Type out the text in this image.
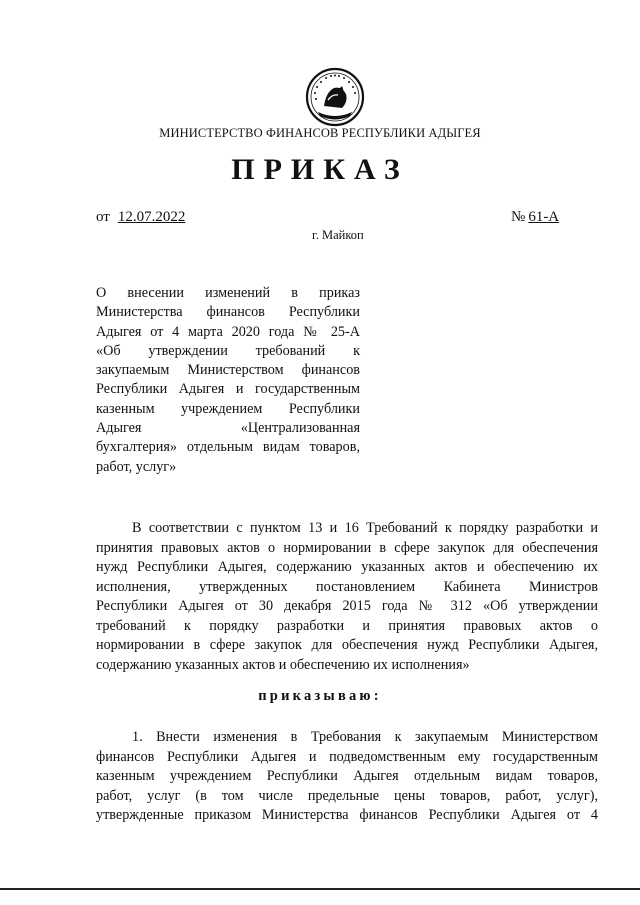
МИНИСТЕРСТВО ФИНАНСОВ РЕСПУБЛИКИ АДЫГЕЯ
ПРИКАЗ
от 12.07.2022	№ 61-А
г. Майкоп

О внесении изменений в приказ
Министерства финансов Республики
Адыгея от 4 марта 2020 года № 25-А
«Об утверждении требований к
закупаемым Министерством финансов
Республики Адыгея и государственным
казенным учреждением Республики
Адыгея «Централизованная
бухгалтерия» отдельным видам товаров,
работ, услуг»

В соответствии с пунктом 13 и 16 Требований к порядку разработки и
принятия правовых актов о нормировании в сфере закупок для обеспечения
нужд Республики Адыгея, содержанию указанных актов и обеспечению их
исполнения, утвержденных постановлением Кабинета Министров
Республики Адыгея от 30 декабря 2015 года № 312 «Об утверждении
требований к порядку разработки и принятия правовых актов о
нормировании в сфере закупок для обеспечения нужд Республики Адыгея,
содержанию указанных актов и обеспечению их исполнения»

приказываю:

1. Внести изменения в Требования к закупаемым Министерством
финансов Республики Адыгея и подведомственным ему государственным
казенным учреждением Республики Адыгея отдельным видам товаров,
работ, услуг (в том числе предельные цены товаров, работ, услуг),
утвержденные приказом Министерства финансов Республики Адыгея от 4
